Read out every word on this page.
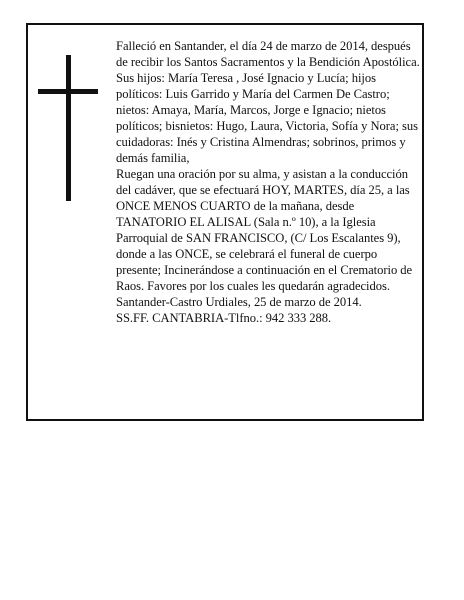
Falleció en Santander, el día 24 de marzo de 2014, después de recibir los Santos Sacramentos y la Bendición Apostólica.

Sus hijos: María Teresa , José Ignacio y Lucía; hijos políticos: Luis Garrido y María del Carmen De Castro; nietos: Amaya, María, Marcos, Jorge e Ignacio; nietos políticos; bisnietos: Hugo, Laura, Victoria, Sofía y Nora; sus cuidadoras: Inés y Cristina Almendras; sobrinos, primos y demás familia,

Ruegan una oración por su alma, y asistan a la conducción del cadáver, que se efectuará HOY, MARTES, día 25, a las ONCE MENOS CUARTO de la mañana, desde TANATORIO EL ALISAL (Sala n.º 10), a la Iglesia Parroquial de SAN FRANCISCO, (C/ Los Escalantes 9), donde a las ONCE, se celebrará el funeral de cuerpo presente; Incinerándose a continuación en el Crematorio de Raos. Favores por los cuales les quedarán agradecidos.

Santander-Castro Urdiales, 25 de marzo de 2014.

SS.FF. CANTABRIA-Tlfno.: 942 333 288.
